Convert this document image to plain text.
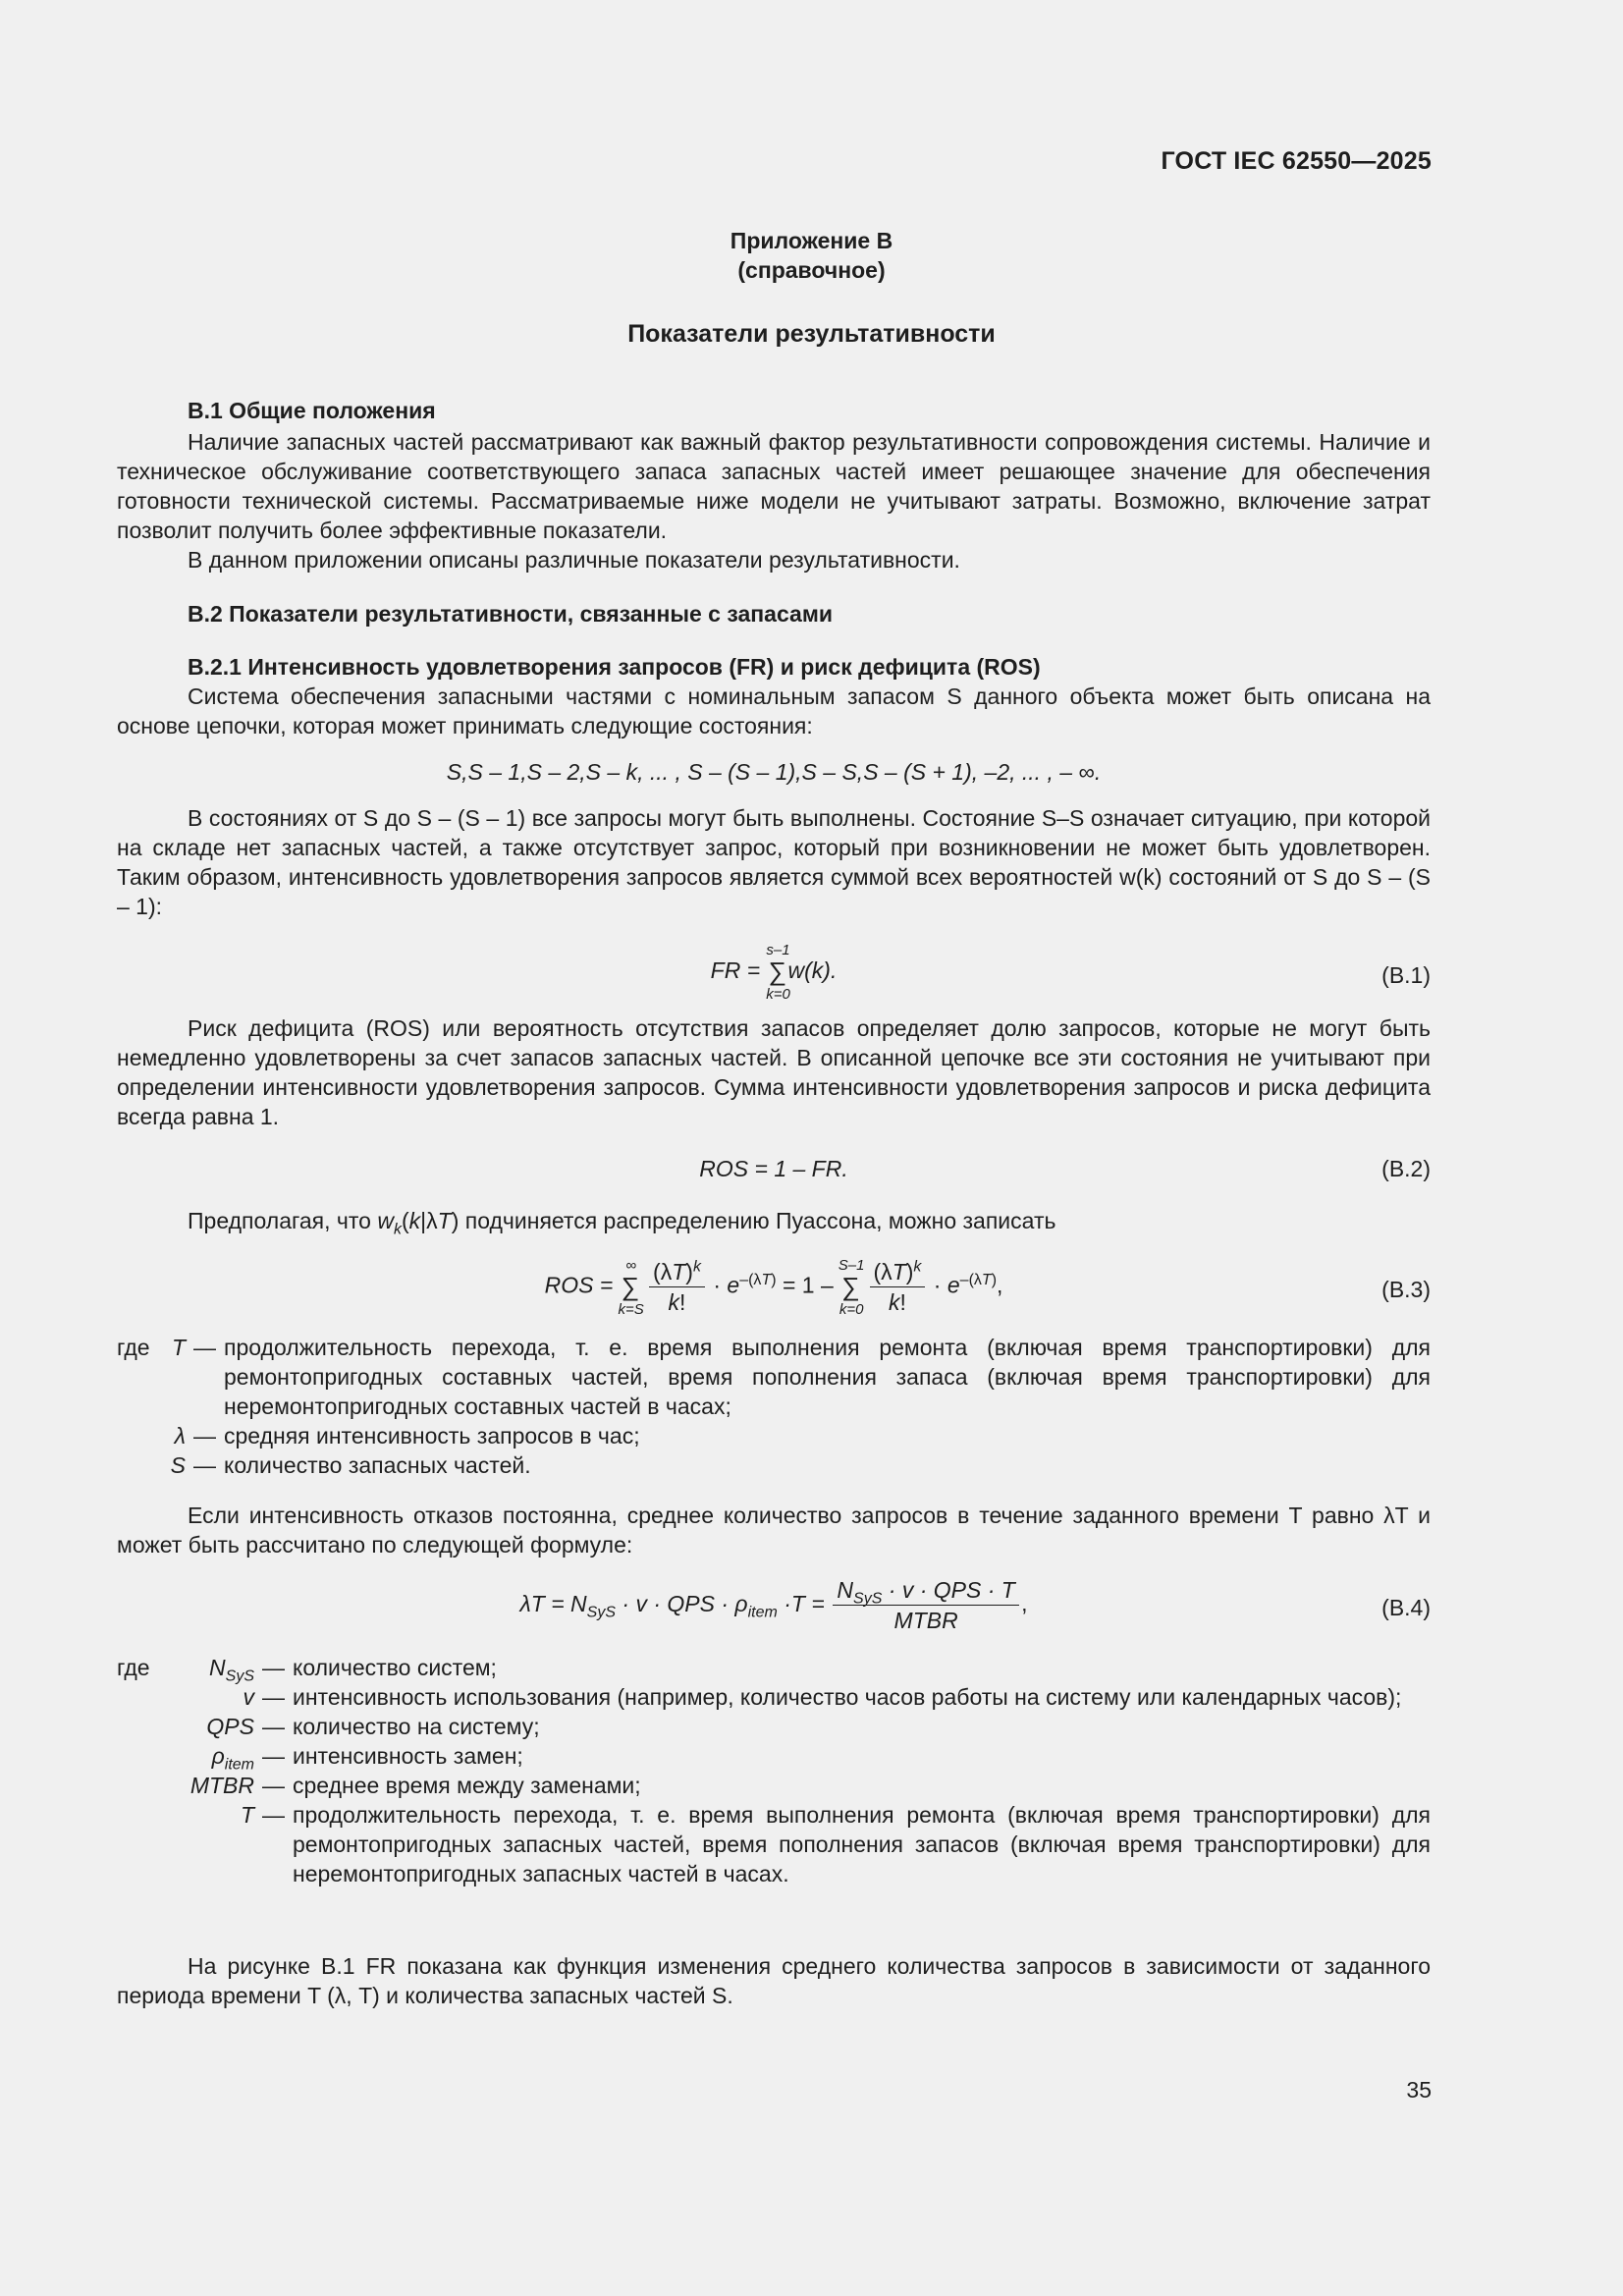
ГОСТ IEC 62550—2025
Приложение В
(справочное)
Показатели результативности

В.1 Общие положения

Наличие запасных частей рассматривают как важный фактор результативности сопровождения системы. Наличие и техническое обслуживание соответствующего запаса запасных частей имеет решающее значение для обеспечения готовности технической системы. Рассматриваемые ниже модели не учитывают затраты. Возможно, включение затрат позволит получить более эффективные показатели.

В данном приложении описаны различные показатели результативности.

В.2 Показатели результативности, связанные с запасами

В.2.1 Интенсивность удовлетворения запросов (FR) и риск дефицита (ROS)

Система обеспечения запасными частями с номинальным запасом S данного объекта может быть описана на основе цепочки, которая может принимать следующие состояния:

S,S – 1,S – 2,S – k, ... , S – (S – 1),S – S,S – (S + 1), –2, ... , – ∞.

В состояниях от S до S – (S – 1) все запросы могут быть выполнены. Состояние S–S означает ситуацию, при которой на складе нет запасных частей, а также отсутствует запрос, который при возникновении не может быть удовлетворен. Таким образом, интенсивность удовлетворения запросов является суммой всех вероятностей w(k) состояний от S до S – (S – 1):

FR =
s–1
∑
k=0
w(k).	(В.1)

Риск дефицита (ROS) или вероятность отсутствия запасов определяет долю запросов, которые не могут быть немедленно удовлетворены за счет запасов запасных частей. В описанной цепочке все эти состояния не учитывают при определении интенсивности удовлетворения запросов. Сумма интенсивности удовлетворения запросов и риска дефицита всегда равна 1.

ROS = 1 – FR.	(В.2)

Предполагая, что $w_k(k|\lambda T)$ подчиняется распределению Пуассона, можно записать

ROS =
∞
∑
k=S
$\frac{(\lambda T)^k}{k!} \cdot e^{-(\lambda T)} = 1$ –
S–1
∑
k=0
$\frac{(\lambda T)^k}{k!} \cdot e^{-(\lambda T)}$,	(В.3)
где T — продолжительность перехода, т. е. время выполнения ремонта (включая время транспортировки) для ремонтопригодных составных частей, время пополнения запаса (включая время транспортировки) для неремонтопригодных составных частей в часах;
λ — средняя интенсивность запросов в час;
S — количество запасных частей.

Если интенсивность отказов постоянна, среднее количество запросов в течение заданного времени T равно λT и может быть рассчитано по следующей формуле:

$\lambda T = N_{SyS} \cdot v$ · QPS · $\rho_{item} \cdot T = \frac{N_{SyS} \cdot v \cdot QPS \cdot T}{\text{MTBR}}$ ,	(В.4)
где	$N_{SyS}$ — количество систем;
v — интенсивность использования (например, количество часов работы на систему или календарных часов);
QPS — количество на систему;
$\rho_{item}$ — интенсивность замен;
MTBR — среднее время между заменами;
T — продолжительность перехода, т. е. время выполнения ремонта (включая время транспортировки) для ремонтопригодных запасных частей, время пополнения запасов (включая время транспортировки) для неремонтопригодных запасных частей в часах.

На рисунке В.1 FR показана как функция изменения среднего количества запросов в зависимости от заданного периода времени T (λ, T) и количества запасных частей S.

35
